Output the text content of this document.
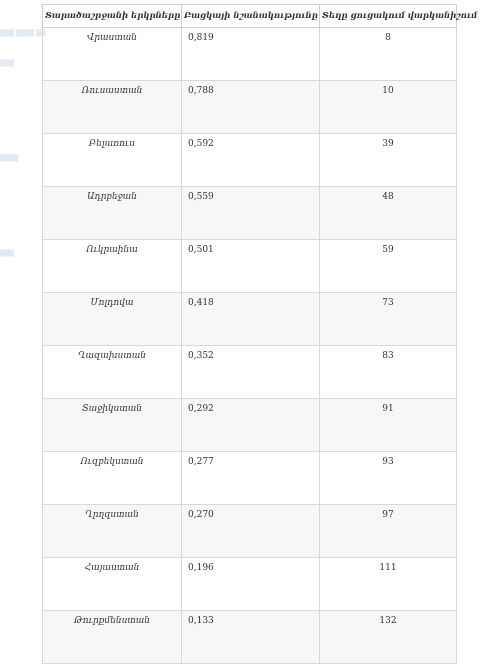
▒▒▒ ▒▒▒▒ ▒▒
▒▒▒
▒▒▒▒
▒▒▒
Տարածաշրջանի երկրները	Բացկայի նշանակությունը	Տեղը ցուցակում վարկանիշում
Վրաստան	0,819	8
Ռուսաստան	0,788	10
Բելառուս	0,592	39
Ադրբեջան	0,559	48
Ուկրաինա	0,501	59
Մոլդովա	0,418	73
Ղազախստան	0,352	83
Տաջիկստան	0,292	91
Ուզբեկստան	0,277	93
Ղրղզստան	0,270	97
Հայաստան	0,196	111
Թուրքմենստան	0,133	132
